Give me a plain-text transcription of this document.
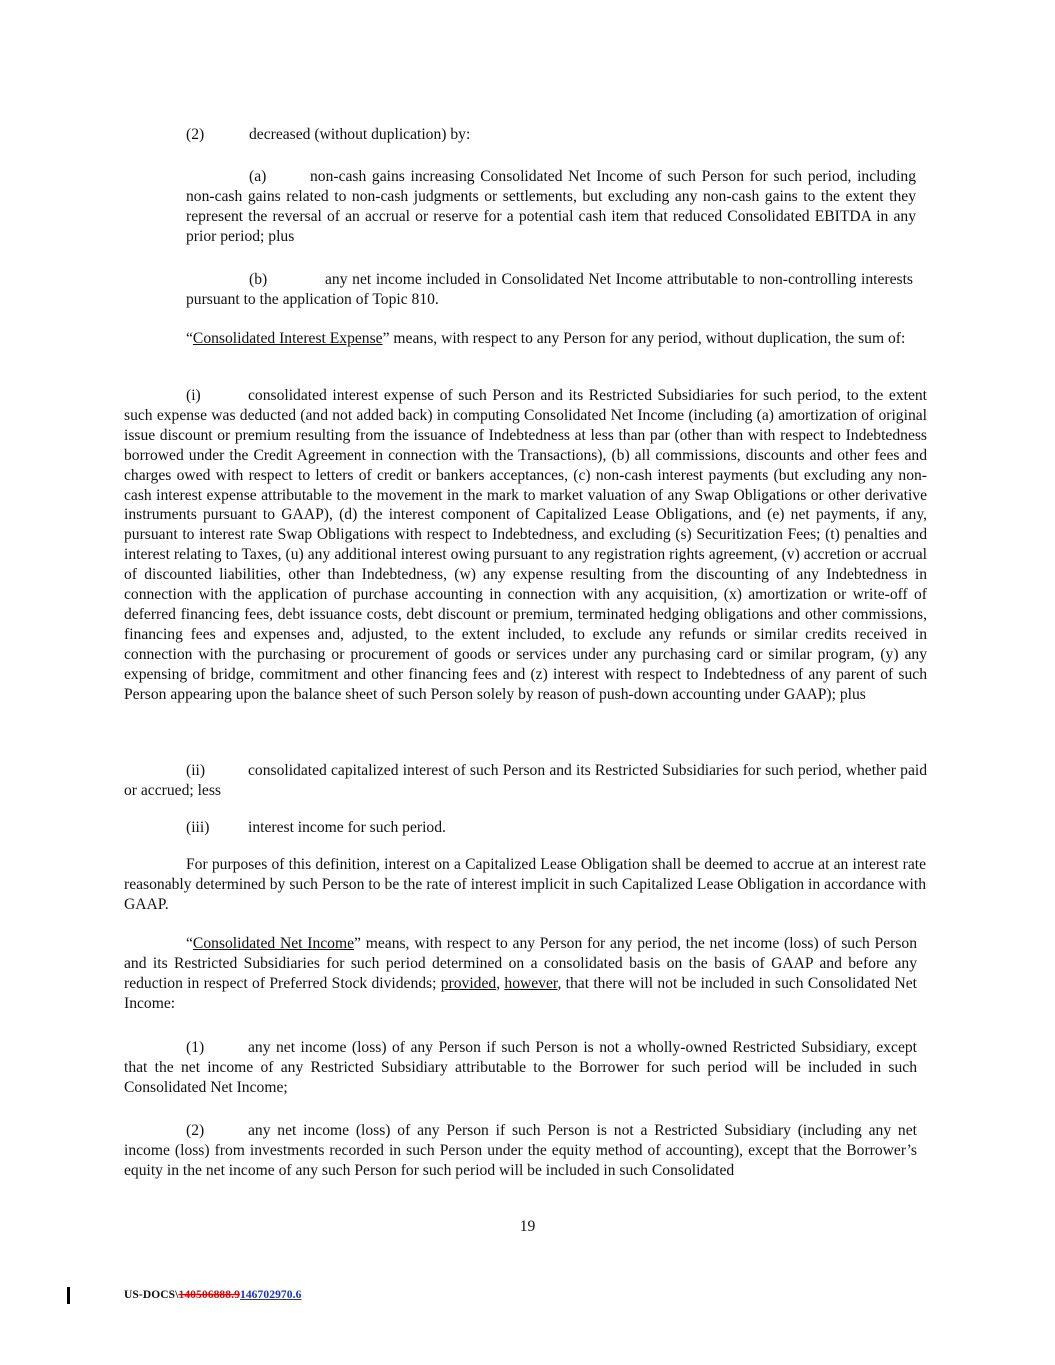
(2)	decreased (without duplication) by:

(a)	non-cash gains increasing Consolidated Net Income of such Person for such period, including non-cash gains related to non-cash judgments or settlements, but excluding any non-cash gains to the extent they represent the reversal of an accrual or reserve for a potential cash item that reduced Consolidated EBITDA in any prior period; plus

(b)	any net income included in Consolidated Net Income attributable to non-controlling interests pursuant to the application of Topic 810.

“Consolidated Interest Expense” means, with respect to any Person for any period, without duplication, the sum of:

(i)	consolidated interest expense of such Person and its Restricted Subsidiaries for such period, to the extent such expense was deducted (and not added back) in computing Consolidated Net Income (including (a) amortization of original issue discount or premium resulting from the issuance of Indebtedness at less than par (other than with respect to Indebtedness borrowed under the Credit Agreement in connection with the Transactions), (b) all commissions, discounts and other fees and charges owed with respect to letters of credit or bankers acceptances, (c) non-cash interest payments (but excluding any non-cash interest expense attributable to the movement in the mark to market valuation of any Swap Obligations or other derivative instruments pursuant to GAAP), (d) the interest component of Capitalized Lease Obligations, and (e) net payments, if any, pursuant to interest rate Swap Obligations with respect to Indebtedness, and excluding (s) Securitization Fees; (t) penalties and interest relating to Taxes, (u) any additional interest owing pursuant to any registration rights agreement, (v) accretion or accrual of discounted liabilities, other than Indebtedness, (w) any expense resulting from the discounting of any Indebtedness in connection with the application of purchase accounting in connection with any acquisition, (x) amortization or write-off of deferred financing fees, debt issuance costs, debt discount or premium, terminated hedging obligations and other commissions, financing fees and expenses and, adjusted, to the extent included, to exclude any refunds or similar credits received in connection with the purchasing or procurement of goods or services under any purchasing card or similar program, (y) any expensing of bridge, commitment and other financing fees and (z) interest with respect to Indebtedness of any parent of such Person appearing upon the balance sheet of such Person solely by reason of push-down accounting under GAAP); plus

(ii)	consolidated capitalized interest of such Person and its Restricted Subsidiaries for such period, whether paid or accrued; less

(iii) interest income for such period.

For purposes of this definition, interest on a Capitalized Lease Obligation shall be deemed to accrue at an interest rate reasonably determined by such Person to be the rate of interest implicit in such Capitalized Lease Obligation in accordance with GAAP.

“Consolidated Net Income” means, with respect to any Person for any period, the net income (loss) of such Person and its Restricted Subsidiaries for such period determined on a consolidated basis on the basis of GAAP and before any reduction in respect of Preferred Stock dividends; provided, however, that there will not be included in such Consolidated Net Income:

(1)	any net income (loss) of any Person if such Person is not a wholly-owned Restricted Subsidiary, except that the net income of any Restricted Subsidiary attributable to the Borrower for such period will be included in such Consolidated Net Income;

(2)	any net income (loss) of any Person if such Person is not a Restricted Subsidiary (including any net income (loss) from investments recorded in such Person under the equity method of accounting), except that the Borrower’s equity in the net income of any such Person for such period will be included in such Consolidated

19
US-DOCS\140506888.9146702970.6
